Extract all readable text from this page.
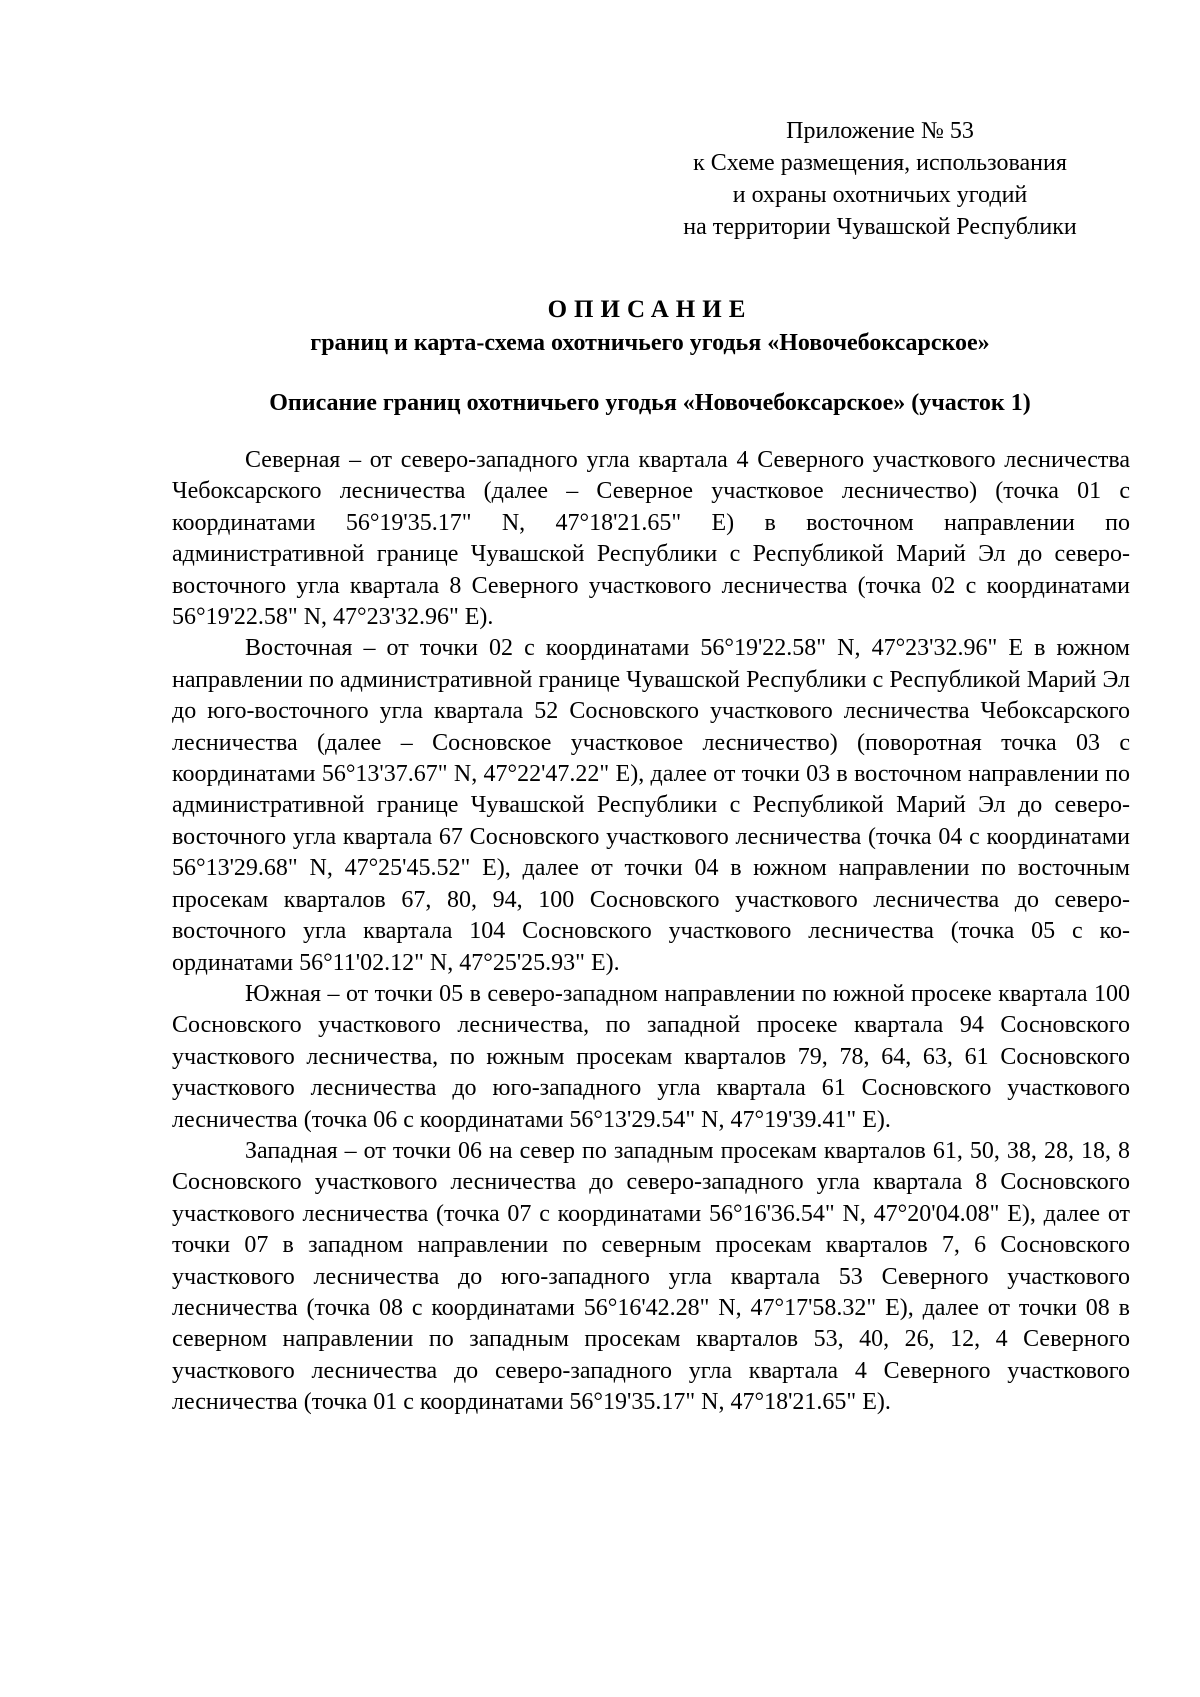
Приложение № 53
к Схеме размещения, использования
и охраны охотничьих угодий
на территории Чувашской Республики
ОПИСАНИЕ
границ и карта-схема охотничьего угодья «Новочебоксарское»
Описание границ охотничьего угодья «Новочебоксарское» (участок 1)

Северная – от северо-западного угла квартала 4 Северного участкового лесничества Чебоксарского лесничества (далее – Северное участковое лесничество) (точка 01 с координатами 56°19'35.17" N, 47°18'21.65" E) в восточном направлении по административной границе Чувашской Республики с Республикой Марий Эл до северо-восточного угла квартала 8 Северного участкового лесничества (точка 02 с координатами 56°19'22.58" N, 47°23'32.96" E).

Восточная – от точки 02 с координатами 56°19'22.58" N, 47°23'32.96" E в южном направлении по административной границе Чувашской Республики с Республикой Марий Эл до юго-восточного угла квартала 52 Сосновского участкового лесничества Чебоксарского лесничества (далее – Сосновское участковое лесничество) (поворотная точка 03 с координатами 56°13'37.67" N, 47°22'47.22" E), далее от точки 03 в восточном направлении по административной границе Чувашской Республики с Республикой Марий Эл до северо-восточного угла квартала 67 Сосновского участкового лесничества (точка 04 с координатами 56°13'29.68" N, 47°25'45.52" E), далее от точки 04 в южном направлении по восточным просекам кварталов 67, 80, 94, 100 Сосновского участкового лесничества до северо-восточного угла квартала 104 Сосновского участкового лесничества (точка 05 с координатами 56°11'02.12" N, 47°25'25.93" E).

Южная – от точки 05 в северо-западном направлении по южной просеке квартала 100 Сосновского участкового лесничества, по западной просеке квартала 94 Сосновского участкового лесничества, по южным просекам кварталов 79, 78, 64, 63, 61 Сосновского участкового лесничества до юго-западного угла квартала 61 Сосновского участкового лесничества (точка 06 с координатами 56°13'29.54" N, 47°19'39.41" E).

Западная – от точки 06 на север по западным просекам кварталов 61, 50, 38, 28, 18, 8 Сосновского участкового лесничества до северо-западного угла квартала 8 Сосновского участкового лесничества (точка 07 с координатами 56°16'36.54" N, 47°20'04.08" E), далее от точки 07 в западном направлении по северным просекам кварталов 7, 6 Сосновского участкового лесничества до юго-западного угла квартала 53 Северного участкового лесничества (точка 08 с координатами 56°16'42.28" N, 47°17'58.32" E), далее от точки 08 в северном направлении по западным просекам кварталов 53, 40, 26, 12, 4 Северного участкового лесничества до северо-западного угла квартала 4 Северного участкового лесничества (точка 01 с координатами 56°19'35.17" N, 47°18'21.65" E).
